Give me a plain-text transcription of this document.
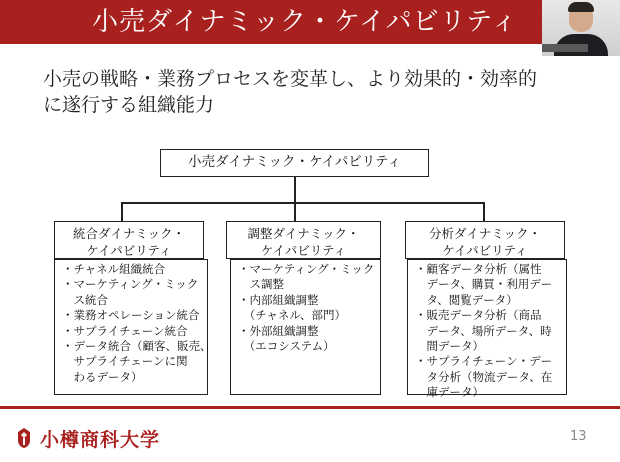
小売ダイナミック・ケイパビリティ
小売の戦略・業務プロセスを変革し、より効果的・効率的
に遂行する組織能力
小売ダイナミック・ケイパビリティ
統合ダイナミック・
ケイパビリティ
・チャネル組織統合
・マーケティング・ミック
　ス統合
・業務オペレーション統合
・サプライチェーン統合
・データ統合（顧客、販売、
　サプライチェーンに関
　わるデータ）
調整ダイナミック・
ケイパビリティ
・マーケティング・ミック
　ス調整
・内部組織調整
　（チャネル、部門）
・外部組織調整
　（エコシステム）
分析ダイナミック・
ケイパビリティ
・顧客データ分析（属性
　データ、購買・利用デー
　タ、閲覧データ）
・販売データ分析（商品
　データ、場所データ、時
　間データ）
・サプライチェーン・デー
　タ分析（物流データ、在
　庫データ）
小樽商科大学	13
